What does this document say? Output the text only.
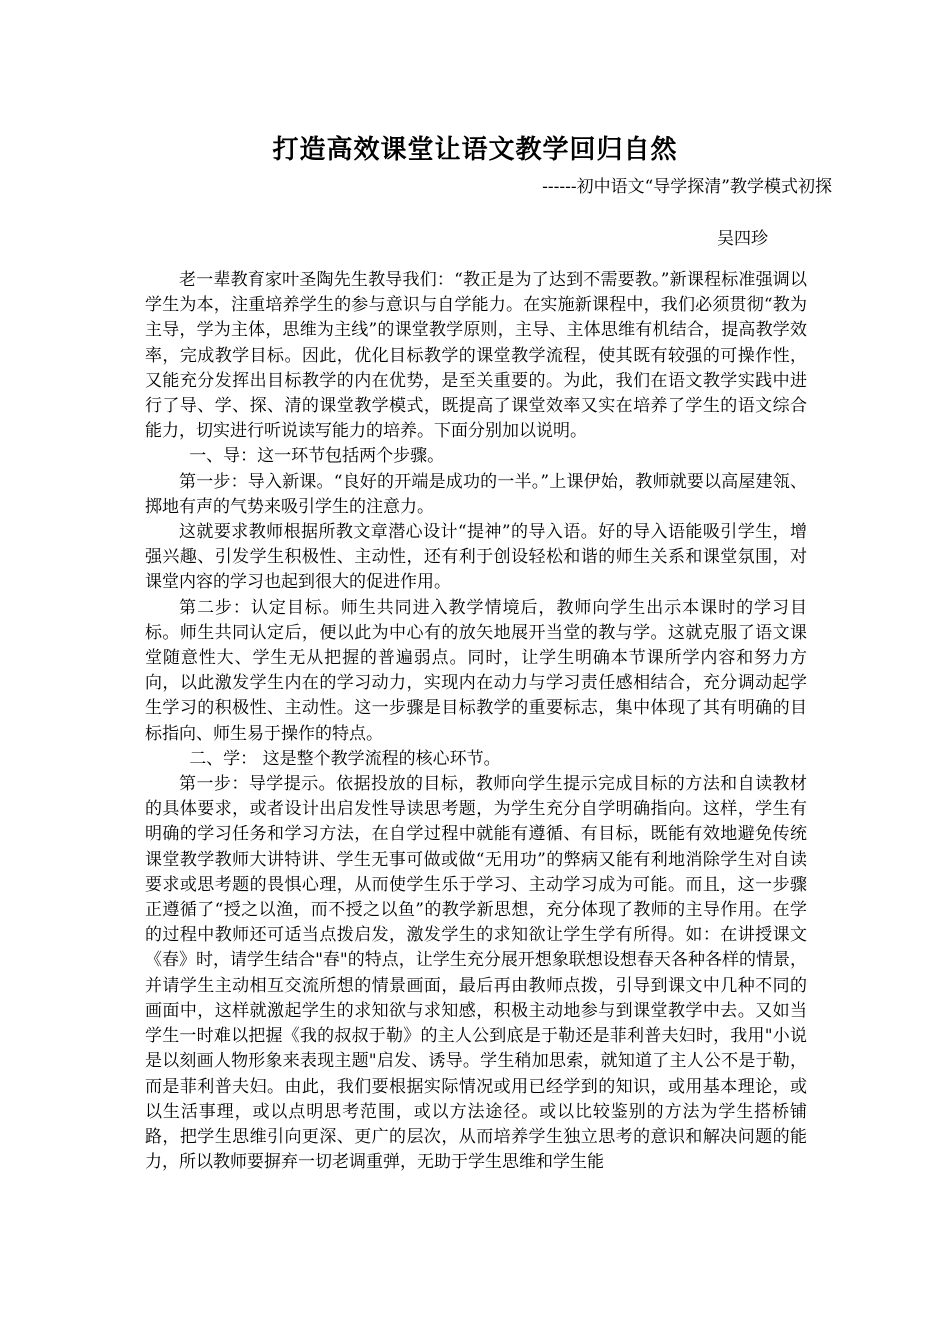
打造高效课堂让语文教学回归自然
------初中语文“导学探清”教学模式初探
吴四珍

老一辈教育家叶圣陶先生教导我们：“教正是为了达到不需要教。”新课程标准强调以学生为本，注重培养学生的参与意识与自学能力。在实施新课程中，我们必须贯彻“教为主导，学为主体，思维为主线”的课堂教学原则，主导、主体思维有机结合，提高教学效率，完成教学目标。因此，优化目标教学的课堂教学流程，使其既有较强的可操作性，又能充分发挥出目标教学的内在优势，是至关重要的。为此，我们在语文教学实践中进行了导、学、探、清的课堂教学模式，既提高了课堂效率又实在培养了学生的语文综合能力，切实进行听说读写能力的培养。下面分别加以说明。

一、导：这一环节包括两个步骤。

第一步：导入新课。“良好的开端是成功的一半。”上课伊始，教师就要以高屋建瓴、掷地有声的气势来吸引学生的注意力。

这就要求教师根据所教文章潜心设计“提神”的导入语。好的导入语能吸引学生，增强兴趣、引发学生积极性、主动性，还有利于创设轻松和谐的师生关系和课堂氛围，对课堂内容的学习也起到很大的促进作用。

第二步：认定目标。师生共同进入教学情境后，教师向学生出示本课时的学习目标。师生共同认定后，便以此为中心有的放矢地展开当堂的教与学。这就克服了语文课堂随意性大、学生无从把握的普遍弱点。同时，让学生明确本节课所学内容和努力方向，以此激发学生内在的学习动力，实现内在动力与学习责任感相结合，充分调动起学生学习的积极性、主动性。这一步骤是目标教学的重要标志，集中体现了其有明确的目标指向、师生易于操作的特点。

二、学： 这是整个教学流程的核心环节。

第一步：导学提示。依据投放的目标，教师向学生提示完成目标的方法和自读教材的具体要求，或者设计出启发性导读思考题，为学生充分自学明确指向。这样，学生有明确的学习任务和学习方法，在自学过程中就能有遵循、有目标，既能有效地避免传统课堂教学教师大讲特讲、学生无事可做或做“无用功”的弊病又能有利地消除学生对自读要求或思考题的畏惧心理，从而使学生乐于学习、主动学习成为可能。而且，这一步骤正遵循了“授之以渔，而不授之以鱼”的教学新思想，充分体现了教师的主导作用。在学的过程中教师还可适当点拨启发，激发学生的求知欲让学生学有所得。如：在讲授课文《春》时，请学生结合"春"的特点，让学生充分展开想象联想设想春天各种各样的情景，并请学生主动相互交流所想的情景画面，最后再由教师点拨，引导到课文中几种不同的画面中，这样就激起学生的求知欲与求知感，积极主动地参与到课堂教学中去。又如当学生一时难以把握《我的叔叔于勒》的主人公到底是于勒还是菲利普夫妇时，我用"小说是以刻画人物形象来表现主题"启发、诱导。学生稍加思索，就知道了主人公不是于勒，而是菲利普夫妇。由此，我们要根据实际情况或用已经学到的知识，或用基本理论，或以生活事理，或以点明思考范围，或以方法途径。或以比较鉴别的方法为学生搭桥铺路，把学生思维引向更深、更广的层次，从而培养学生独立思考的意识和解决问题的能力，所以教师要摒弃一切老调重弹，无助于学生思维和学生能
